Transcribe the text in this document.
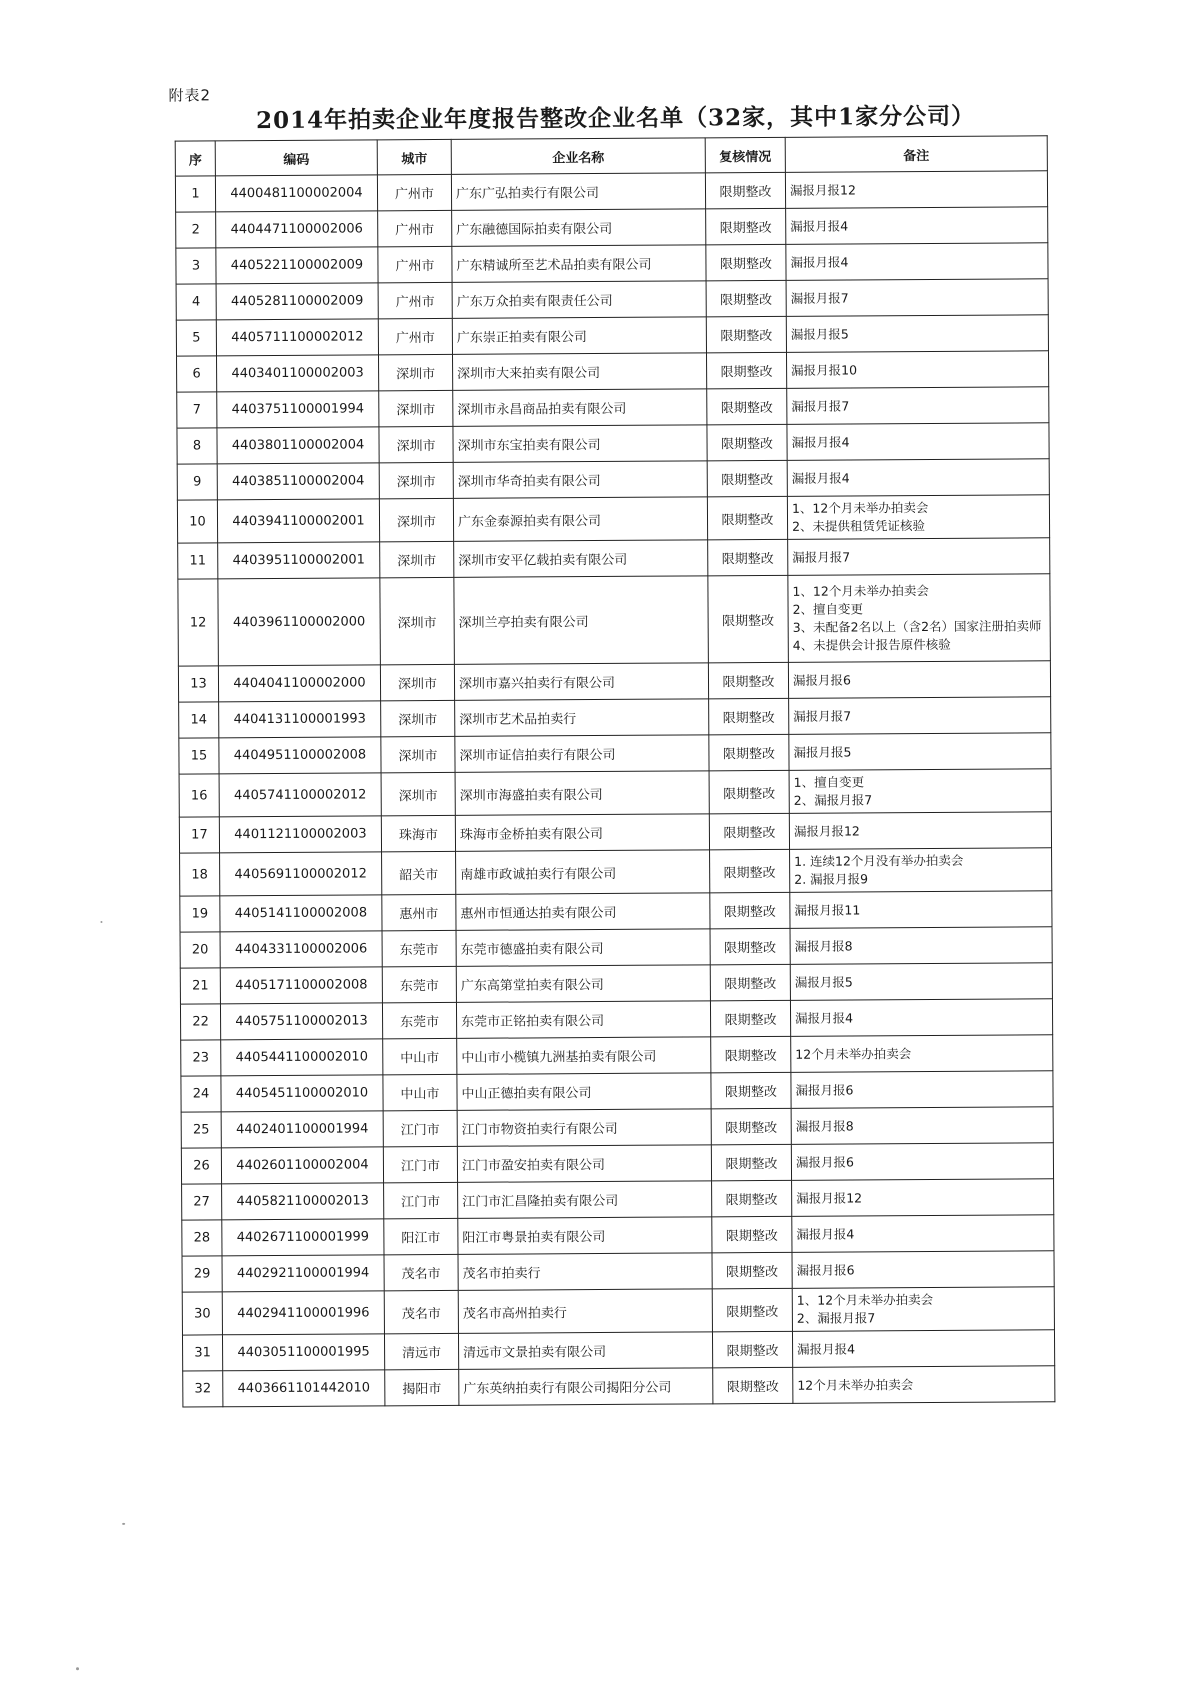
附表2
2014年拍卖企业年度报告整改企业名单（32家，其中1家分公司）
序	编码	城市	企业名称	复核情况	备注
1	4400481100002004	广州市	广东广弘拍卖行有限公司	限期整改	漏报月报12
2	4404471100002006	广州市	广东融德国际拍卖有限公司	限期整改	漏报月报4
3	4405221100002009	广州市	广东精诚所至艺术品拍卖有限公司	限期整改	漏报月报4
4	4405281100002009	广州市	广东万众拍卖有限责任公司	限期整改	漏报月报7
5	4405711100002012	广州市	广东崇正拍卖有限公司	限期整改	漏报月报5
6	4403401100002003	深圳市	深圳市大来拍卖有限公司	限期整改	漏报月报10
7	4403751100001994	深圳市	深圳市永昌商品拍卖有限公司	限期整改	漏报月报7
8	4403801100002004	深圳市	深圳市东宝拍卖有限公司	限期整改	漏报月报4
9	4403851100002004	深圳市	深圳市华奇拍卖有限公司	限期整改	漏报月报4
10	4403941100002001	深圳市	广东金泰源拍卖有限公司	限期整改	1、12个月未举办拍卖会
2、未提供租赁凭证核验
11	4403951100002001	深圳市	深圳市安平亿载拍卖有限公司	限期整改	漏报月报7
12	4403961100002000	深圳市	深圳兰亭拍卖有限公司	限期整改	1、12个月未举办拍卖会
2、擅自变更
3、未配备2名以上（含2名）国家注册拍卖师
4、未提供会计报告原件核验
13	4404041100002000	深圳市	深圳市嘉兴拍卖行有限公司	限期整改	漏报月报6
14	4404131100001993	深圳市	深圳市艺术品拍卖行	限期整改	漏报月报7
15	4404951100002008	深圳市	深圳市证信拍卖行有限公司	限期整改	漏报月报5
16	4405741100002012	深圳市	深圳市海盛拍卖有限公司	限期整改	1、擅自变更
2、漏报月报7
17	4401121100002003	珠海市	珠海市金桥拍卖有限公司	限期整改	漏报月报12
18	4405691100002012	韶关市	南雄市政诚拍卖行有限公司	限期整改	1. 连续12个月没有举办拍卖会
2. 漏报月报9
19	4405141100002008	惠州市	惠州市恒通达拍卖有限公司	限期整改	漏报月报11
20	4404331100002006	东莞市	东莞市德盛拍卖有限公司	限期整改	漏报月报8
21	4405171100002008	东莞市	广东高第堂拍卖有限公司	限期整改	漏报月报5
22	4405751100002013	东莞市	东莞市正铭拍卖有限公司	限期整改	漏报月报4
23	4405441100002010	中山市	中山市小榄镇九洲基拍卖有限公司	限期整改	12个月未举办拍卖会
24	4405451100002010	中山市	中山正德拍卖有限公司	限期整改	漏报月报6
25	4402401100001994	江门市	江门市物资拍卖行有限公司	限期整改	漏报月报8
26	4402601100002004	江门市	江门市盈安拍卖有限公司	限期整改	漏报月报6
27	4405821100002013	江门市	江门市汇昌隆拍卖有限公司	限期整改	漏报月报12
28	4402671100001999	阳江市	阳江市粤景拍卖有限公司	限期整改	漏报月报4
29	4402921100001994	茂名市	茂名市拍卖行	限期整改	漏报月报6
30	4402941100001996	茂名市	茂名市高州拍卖行	限期整改	1、12个月未举办拍卖会
2、漏报月报7
31	4403051100001995	清远市	清远市文景拍卖有限公司	限期整改	漏报月报4
32	4403661101442010	揭阳市	广东英纳拍卖行有限公司揭阳分公司	限期整改	12个月未举办拍卖会
